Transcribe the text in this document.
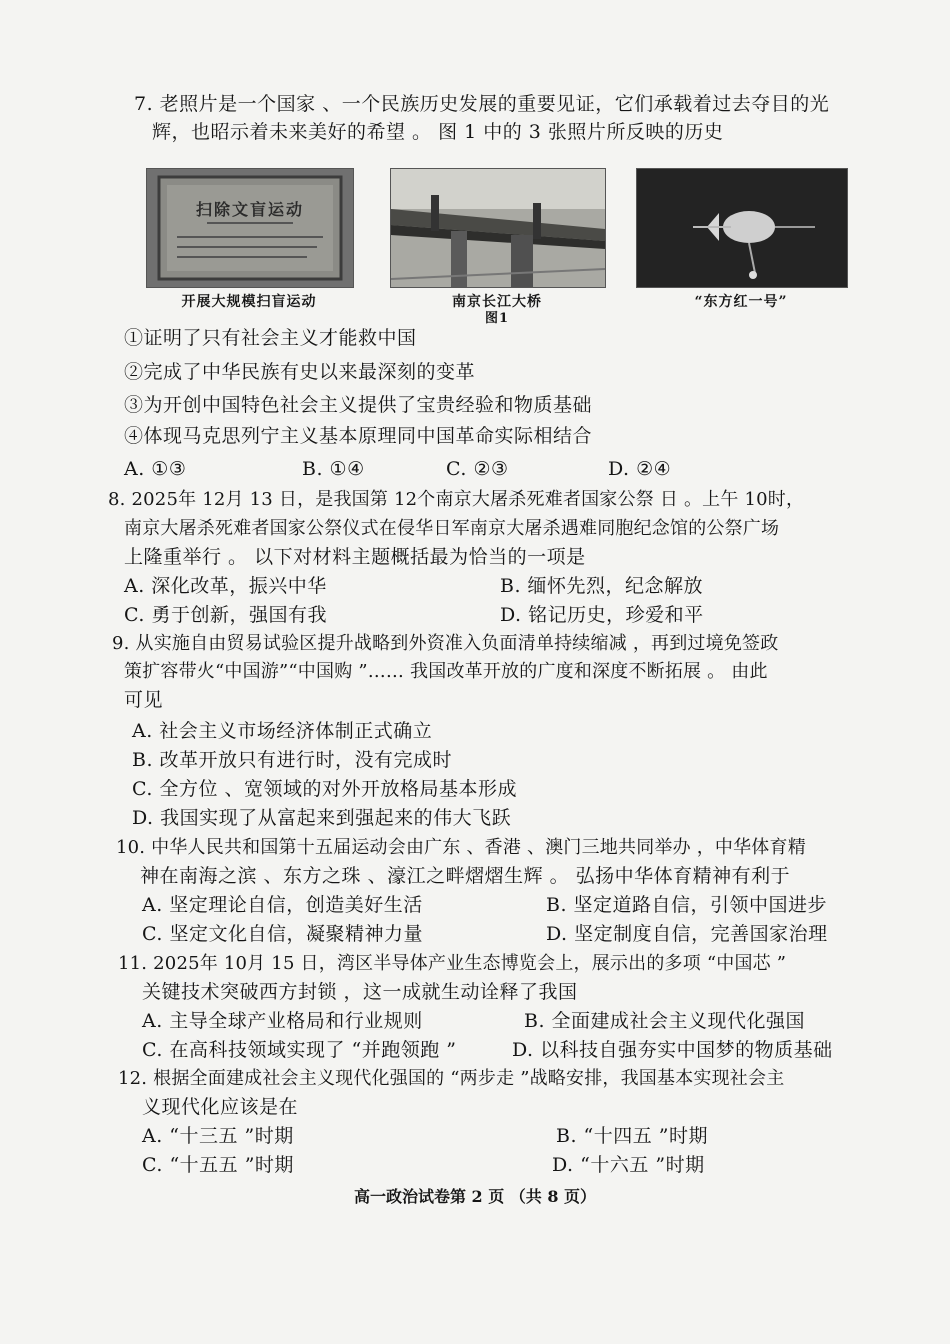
7. 老照片是一个国家 、一个民族历史发展的重要见证，它们承载着过去夺目的光
辉，也昭示着未来美好的希望 。 图 1 中的 3 张照片所反映的历史
扫除文盲运动
开展大规模扫盲运动	南京长江大桥
图1
“东方红一号”
①证明了只有社会主义才能救中国
②完成了中华民族有史以来最深刻的变革
③为开创中国特色社会主义提供了宝贵经验和物质基础
④体现马克思列宁主义基本原理同中国革命实际相结合
A. ①③	B. ①④	C. ②③	D. ②④
8. 2025年 12月 13 日，是我国第 12个南京大屠杀死难者国家公祭 日 。上午 10时，
南京大屠杀死难者国家公祭仪式在侵华日军南京大屠杀遇难同胞纪念馆的公祭广场
上隆重举行 。 以下对材料主题概括最为恰当的一项是
A. 深化改革，振兴中华	B. 缅怀先烈，纪念解放
C. 勇于创新，强国有我	D. 铭记历史，珍爱和平
9. 从实施自由贸易试验区提升战略到外资准入负面清单持续缩减 ，再到过境免签政
策扩容带火“中国游”“中国购 ”…… 我国改革开放的广度和深度不断拓展 。 由此
可见
A. 社会主义市场经济体制正式确立
B. 改革开放只有进行时，没有完成时
C. 全方位 、宽领域的对外开放格局基本形成
D. 我国实现了从富起来到强起来的伟大飞跃
10. 中华人民共和国第十五届运动会由广东 、香港 、澳门三地共同举办 ，中华体育精
神在南海之滨 、东方之珠 、濠江之畔熠熠生辉 。 弘扬中华体育精神有利于
A. 坚定理论自信，创造美好生活	B. 坚定道路自信，引领中国进步
C. 坚定文化自信，凝聚精神力量	D. 坚定制度自信，完善国家治理
11. 2025年 10月 15 日，湾区半导体产业生态博览会上，展示出的多项 “中国芯 ”
关键技术突破西方封锁 ，这一成就生动诠释了我国
A. 主导全球产业格局和行业规则	B. 全面建成社会主义现代化强国
C. 在高科技领域实现了 “并跑领跑 ”	D. 以科技自强夯实中国梦的物质基础
12. 根据全面建成社会主义现代化强国的 “两步走 ”战略安排，我国基本实现社会主
义现代化应该是在
A. “十三五 ”时期	B. “十四五 ”时期
C. “十五五 ”时期	D. “十六五 ”时期
高一政治试卷第 2 页 （共 8 页）
